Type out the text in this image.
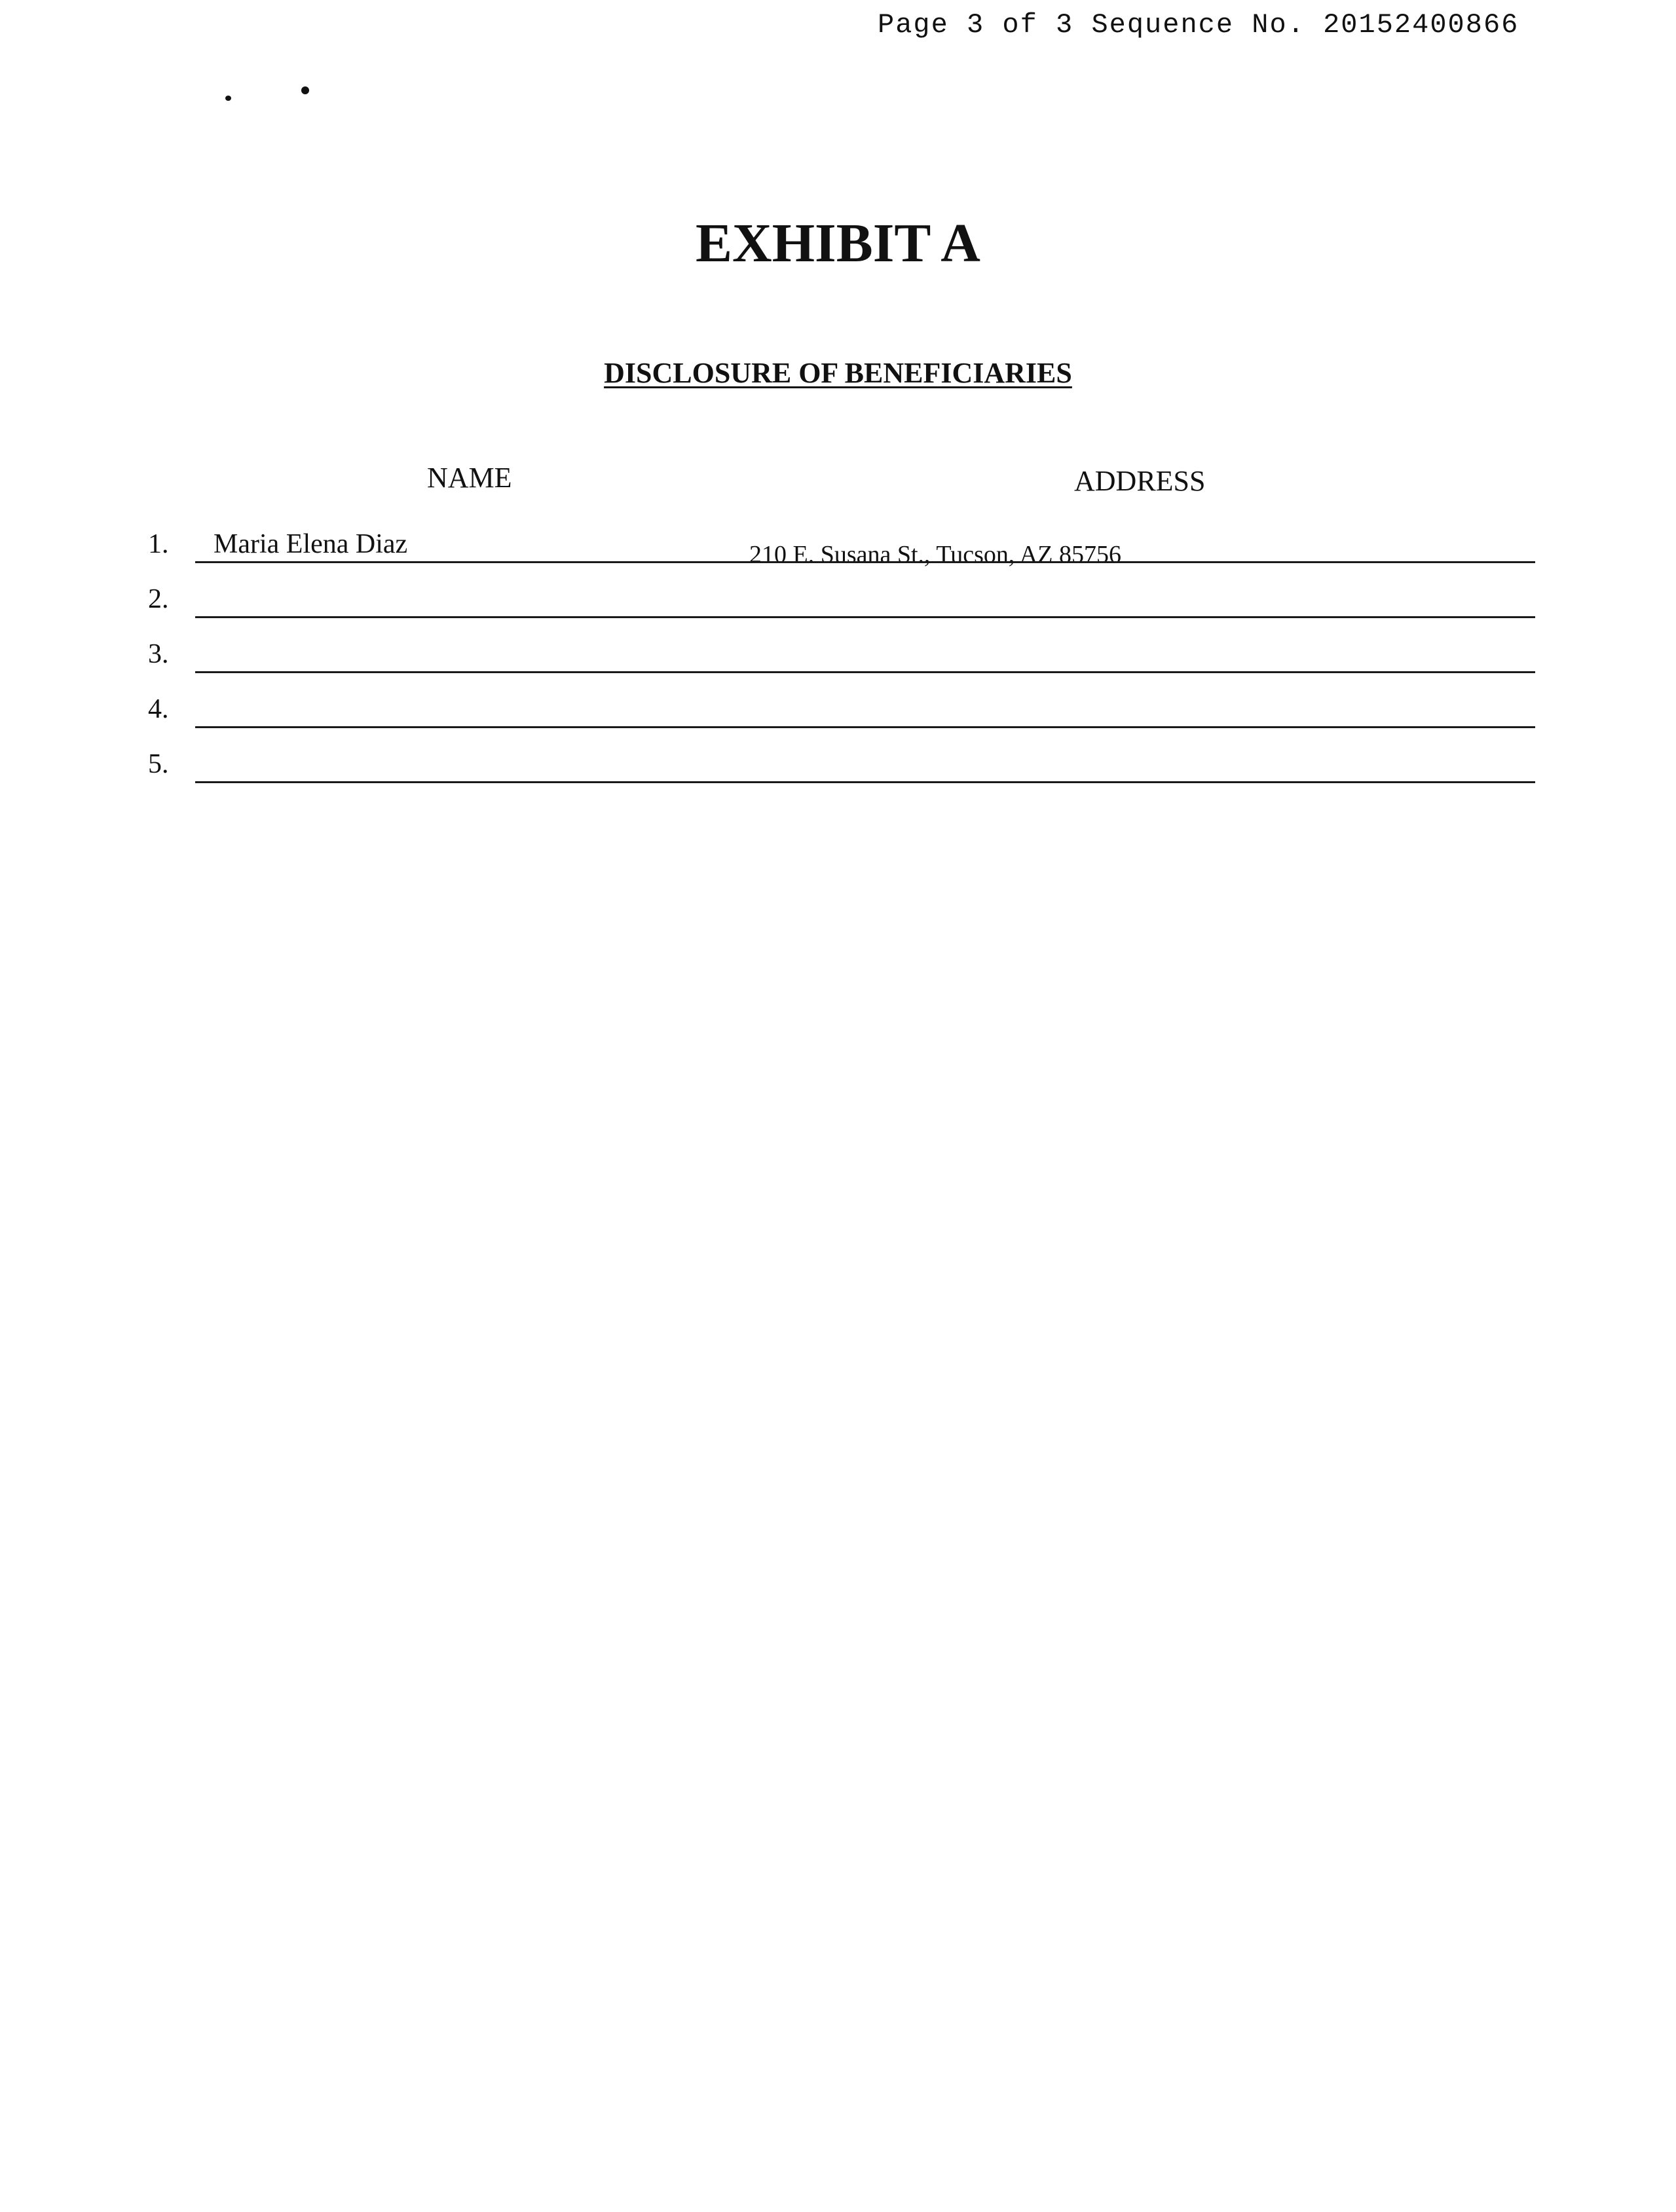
Page 3 of 3 Sequence No. 20152400866
EXHIBIT A
DISCLOSURE OF BENEFICIARIES
NAME	ADDRESS
1. Maria Elena Diaz	210 E. Susana St., Tucson, AZ 85756
2.
3.
4.
5.
